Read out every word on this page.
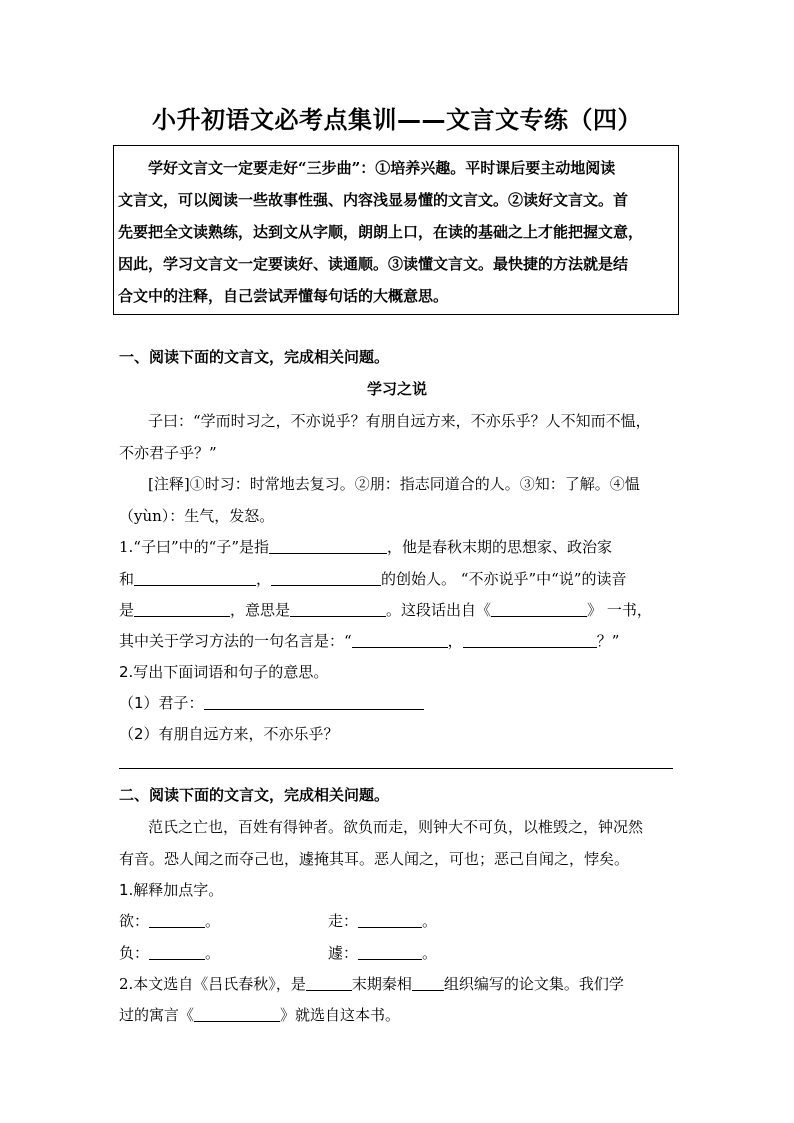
小升初语文必考点集训——文言文专练（四）
学好文言文一定要走好“三步曲”：①培养兴趣。平时课后要主动地阅读
文言文，可以阅读一些故事性强、内容浅显易懂的文言文。②读好文言文。首
先要把全文读熟练，达到文从字顺，朗朗上口，在读的基础之上才能把握文意，
因此，学习文言文一定要读好、读通顺。③读懂文言文。最快捷的方法就是结
合文中的注释，自己尝试弄懂每句话的大概意思。
一、阅读下面的文言文，完成相关问题。
学习之说
子曰：“学而时习之，不亦说乎？有朋自远方来，不亦乐乎？人不知而不愠，
不亦君子乎？”
[注释]①时习：时常地去复习。②朋：指志同道合的人。③知：了解。④愠
（yùn）：生气，发怒。
1.“子曰”中的“子”是指	，他是春秋末期的思想家、政治家
和	，	的创始人。 “不亦说乎”中“说”的读音
是	，意思是	。这段话出自《	》 一书，
其中关于学习方法的一句名言是：“	，	？”
2.写出下面词语和句子的意思。
（1）君子：
（2）有朋自远方来，不亦乐乎？
二、阅读下面的文言文，完成相关问题。
范氏之亡也，百姓有得钟者。欲负而走，则钟大不可负，以椎毁之，钟况然
有音。恐人闻之而夺己也，遽掩其耳。恶人闻之，可也；恶己自闻之，悖矣。
1.解释加点字。
欲：	。	走：	。
负：	。	遽：	。
2.本文选自《吕氏春秋》，是	末期秦相 组织编写的论文集。我们学
过的寓言《	》就选自这本书。
